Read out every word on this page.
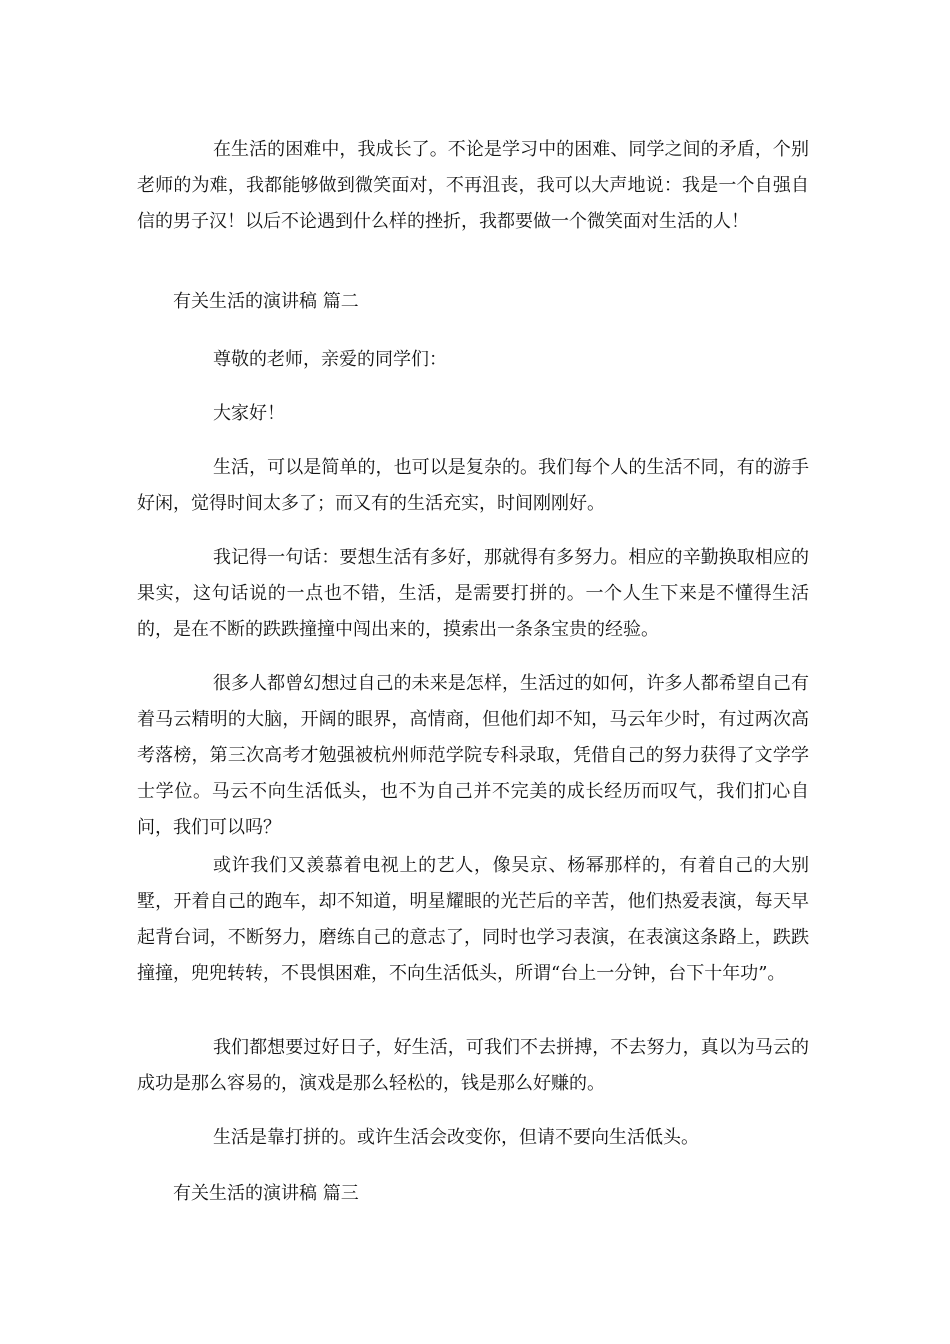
在生活的困难中，我成长了。不论是学习中的困难、同学之间的矛盾，个别老师的为难，我都能够做到微笑面对，不再沮丧，我可以大声地说：我是一个自强自信的男子汉！以后不论遇到什么样的挫折，我都要做一个微笑面对生活的人！

有关生活的演讲稿 篇二

尊敬的老师，亲爱的同学们：

大家好！

生活，可以是简单的，也可以是复杂的。我们每个人的生活不同，有的游手好闲，觉得时间太多了；而又有的生活充实，时间刚刚好。

我记得一句话：要想生活有多好，那就得有多努力。相应的辛勤换取相应的果实，这句话说的一点也不错，生活，是需要打拼的。一个人生下来是不懂得生活的，是在不断的跌跌撞撞中闯出来的，摸索出一条条宝贵的经验。

很多人都曾幻想过自己的未来是怎样，生活过的如何，许多人都希望自己有着马云精明的大脑，开阔的眼界，高情商，但他们却不知，马云年少时，有过两次高考落榜，第三次高考才勉强被杭州师范学院专科录取，凭借自己的努力获得了文学学士学位。马云不向生活低头，也不为自己并不完美的成长经历而叹气，我们扪心自问，我们可以吗？

或许我们又羡慕着电视上的艺人，像吴京、杨幂那样的，有着自己的大别墅，开着自己的跑车，却不知道，明星耀眼的光芒后的辛苦，他们热爱表演，每天早起背台词，不断努力，磨练自己的意志了，同时也学习表演，在表演这条路上，跌跌撞撞，兜兜转转，不畏惧困难，不向生活低头，所谓“台上一分钟，台下十年功”。

我们都想要过好日子，好生活，可我们不去拼搏，不去努力，真以为马云的成功是那么容易的，演戏是那么轻松的，钱是那么好赚的。

生活是靠打拼的。或许生活会改变你，但请不要向生活低头。

有关生活的演讲稿 篇三
